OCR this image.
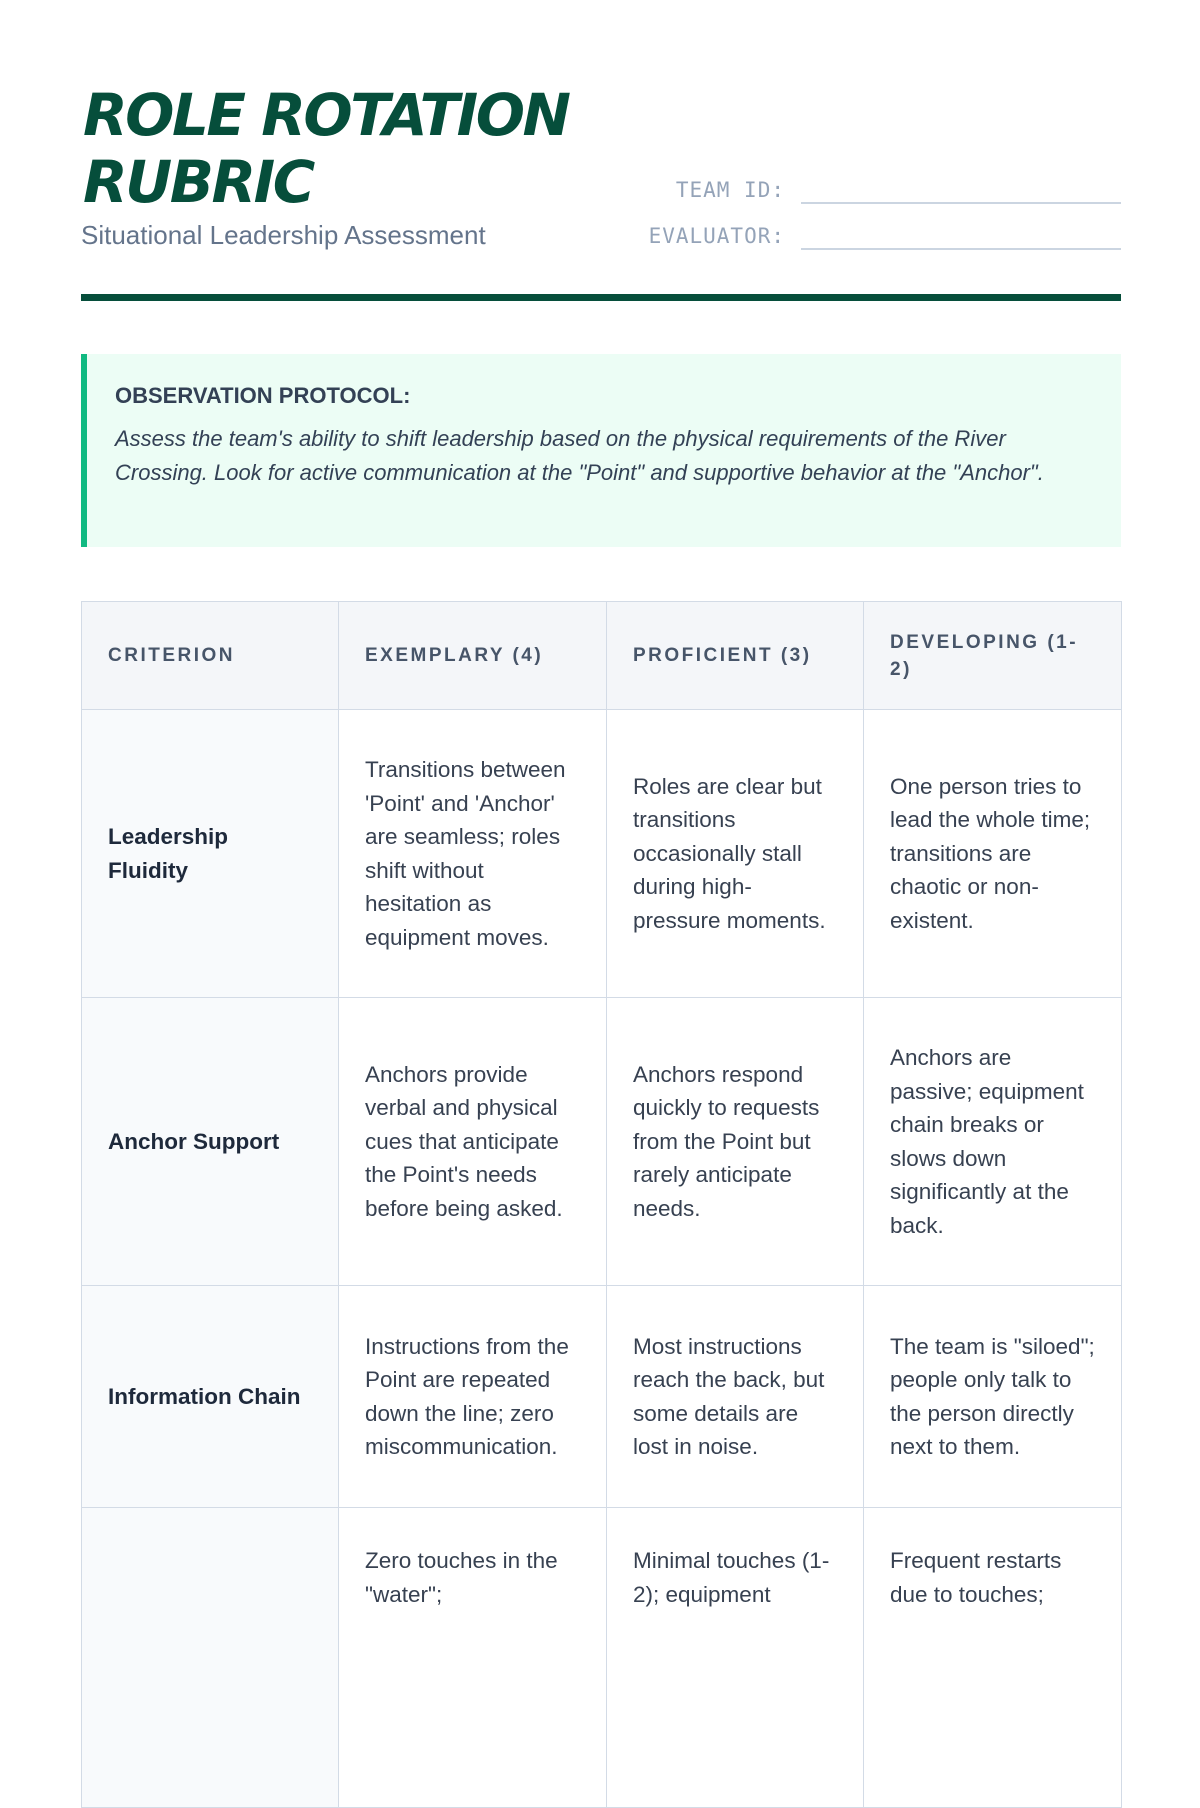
ROLE ROTATION RUBRIC
Situational Leadership Assessment
TEAM ID:
EVALUATOR:
OBSERVATION PROTOCOL:
Assess the team's ability to shift leadership based on the physical requirements of the River Crossing. Look for active communication at the "Point" and supportive behavior at the "Anchor".
CRITERION	EXEMPLARY (4)	PROFICIENT (3)	DEVELOPING (1-2)
Leadership Fluidity	Transitions between 'Point' and 'Anchor' are seamless; roles shift without hesitation as equipment moves.	Roles are clear but transitions occasionally stall during high-pressure moments.	One person tries to lead the whole time; transitions are chaotic or non-existent.
Anchor Support	Anchors provide verbal and physical cues that anticipate the Point's needs before being asked.	Anchors respond quickly to requests from the Point but rarely anticipate needs.	Anchors are passive; equipment chain breaks or slows down significantly at the back.
Information Chain	Instructions from the Point are repeated down the line; zero miscommunication.	Most instructions reach the back, but some details are lost in noise.	The team is "siloed"; people only talk to the person directly next to them.
	Zero touches in the "water";	Minimal touches (1-2); equipment	Frequent restarts due to touches;
